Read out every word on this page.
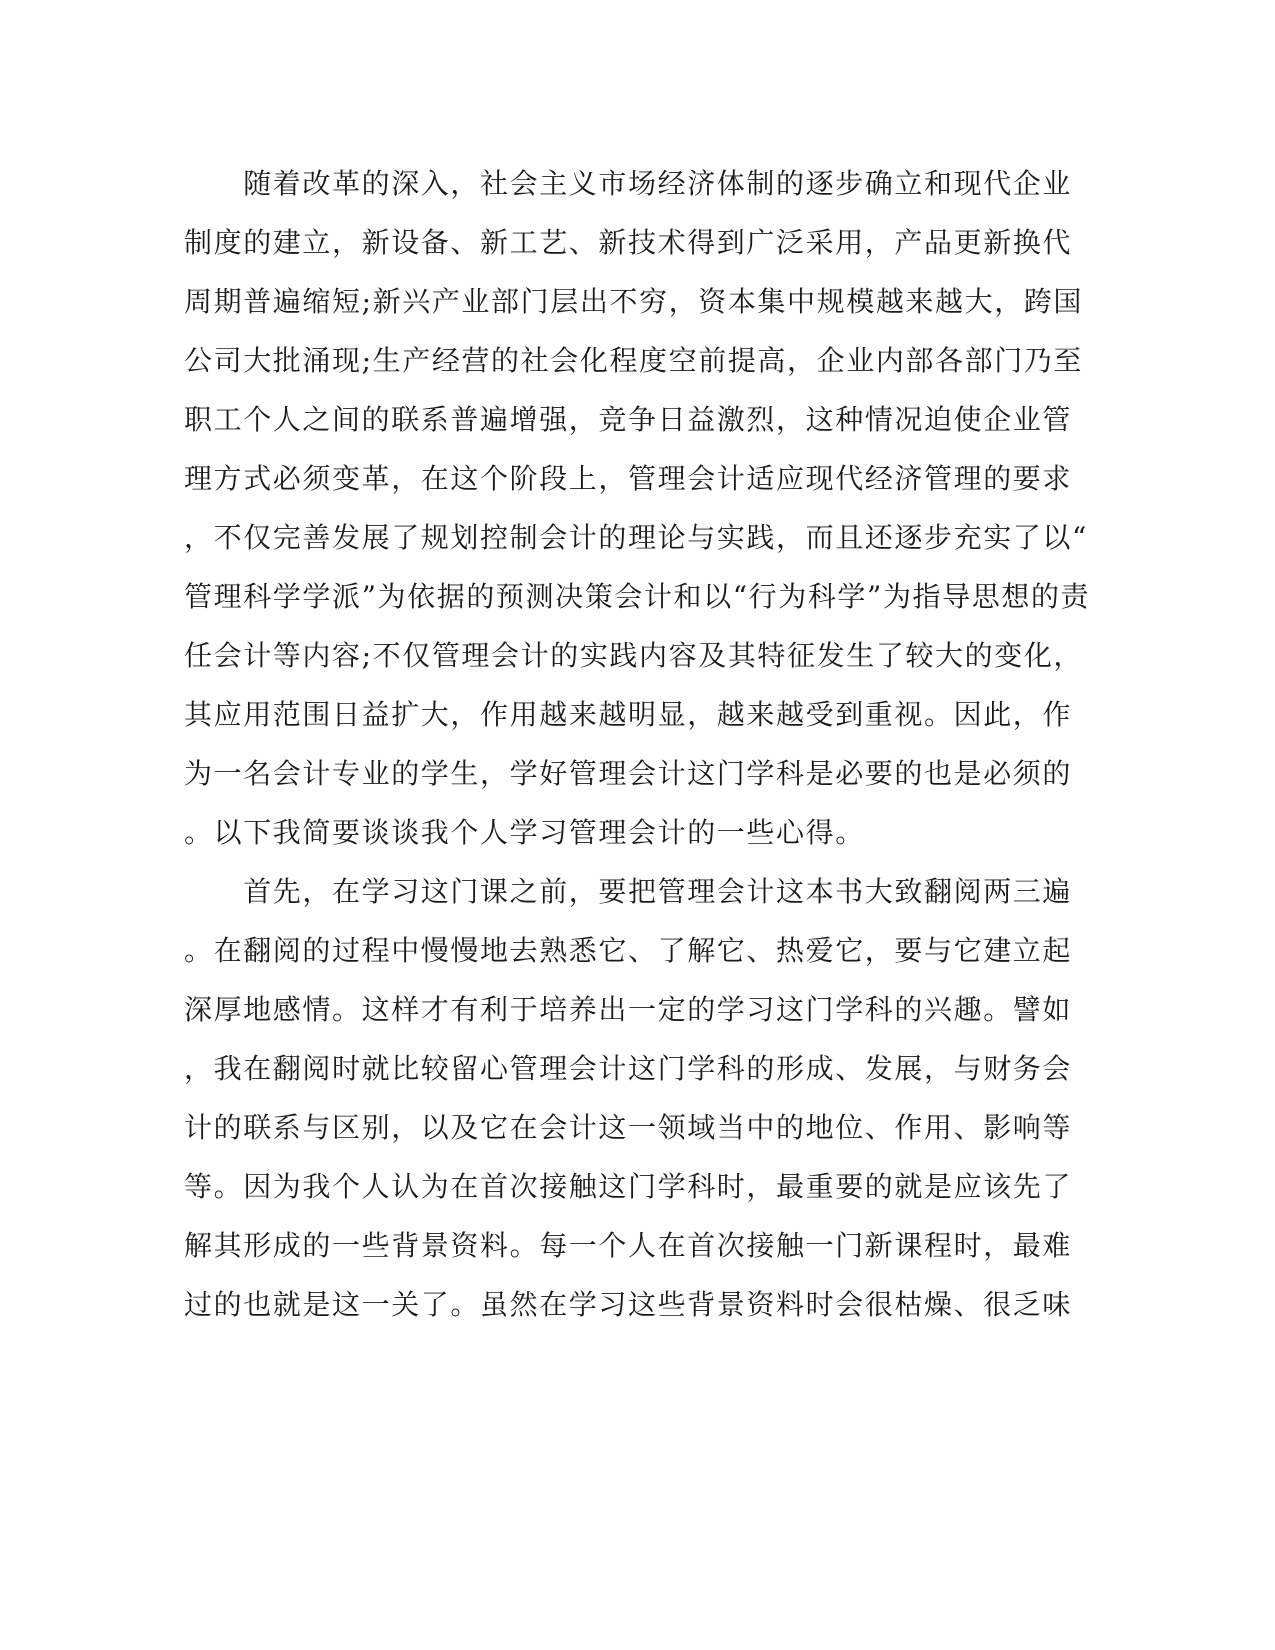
　　随着改革的深入，社会主义市场经济体制的逐步确立和现代企业
制度的建立，新设备、新工艺、新技术得到广泛采用，产品更新换代
周期普遍缩短;新兴产业部门层出不穷，资本集中规模越来越大，跨国
公司大批涌现;生产经营的社会化程度空前提高，企业内部各部门乃至
职工个人之间的联系普遍增强，竞争日益激烈，这种情况迫使企业管
理方式必须变革，在这个阶段上，管理会计适应现代经济管理的要求
，不仅完善发展了规划控制会计的理论与实践，而且还逐步充实了以“
管理科学学派”为依据的预测决策会计和以“行为科学”为指导思想的责
任会计等内容;不仅管理会计的实践内容及其特征发生了较大的变化，
其应用范围日益扩大，作用越来越明显，越来越受到重视。因此，作
为一名会计专业的学生，学好管理会计这门学科是必要的也是必须的
。以下我简要谈谈我个人学习管理会计的一些心得。
　　首先，在学习这门课之前，要把管理会计这本书大致翻阅两三遍
。在翻阅的过程中慢慢地去熟悉它、了解它、热爱它，要与它建立起
深厚地感情。这样才有利于培养出一定的学习这门学科的兴趣。譬如
，我在翻阅时就比较留心管理会计这门学科的形成、发展，与财务会
计的联系与区别，以及它在会计这一领域当中的地位、作用、影响等
等。因为我个人认为在首次接触这门学科时，最重要的就是应该先了
解其形成的一些背景资料。每一个人在首次接触一门新课程时，最难
过的也就是这一关了。虽然在学习这些背景资料时会很枯燥、很乏味
